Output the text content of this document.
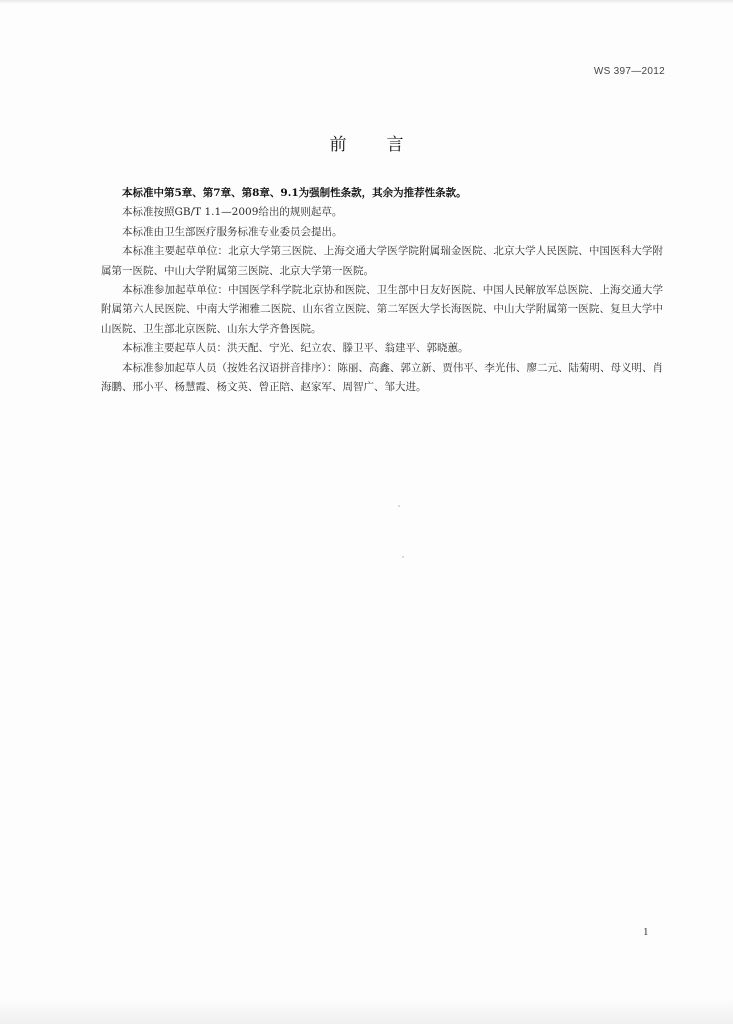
WS 397—2012
前言

本标准中第5章、第7章、第8章、9.1为强制性条款，其余为推荐性条款。

本标准按照GB/T 1.1—2009给出的规则起草。

本标准由卫生部医疗服务标准专业委员会提出。

本标准主要起草单位：北京大学第三医院、上海交通大学医学院附属瑞金医院、北京大学人民医院、中国医科大学附属第一医院、中山大学附属第三医院、北京大学第一医院。

本标准参加起草单位：中国医学科学院北京协和医院、卫生部中日友好医院、中国人民解放军总医院、上海交通大学附属第六人民医院、中南大学湘雅二医院、山东省立医院、第二军医大学长海医院、中山大学附属第一医院、复旦大学中山医院、卫生部北京医院、山东大学齐鲁医院。

本标准主要起草人员：洪天配、宁光、纪立农、滕卫平、翁建平、郭晓蕙。

本标准参加起草人员（按姓名汉语拼音排序）：陈丽、高鑫、郭立新、贾伟平、李光伟、廖二元、陆菊明、母义明、肖海鹏、邢小平、杨慧霞、杨文英、曾正陪、赵家军、周智广、邹大进。

1
